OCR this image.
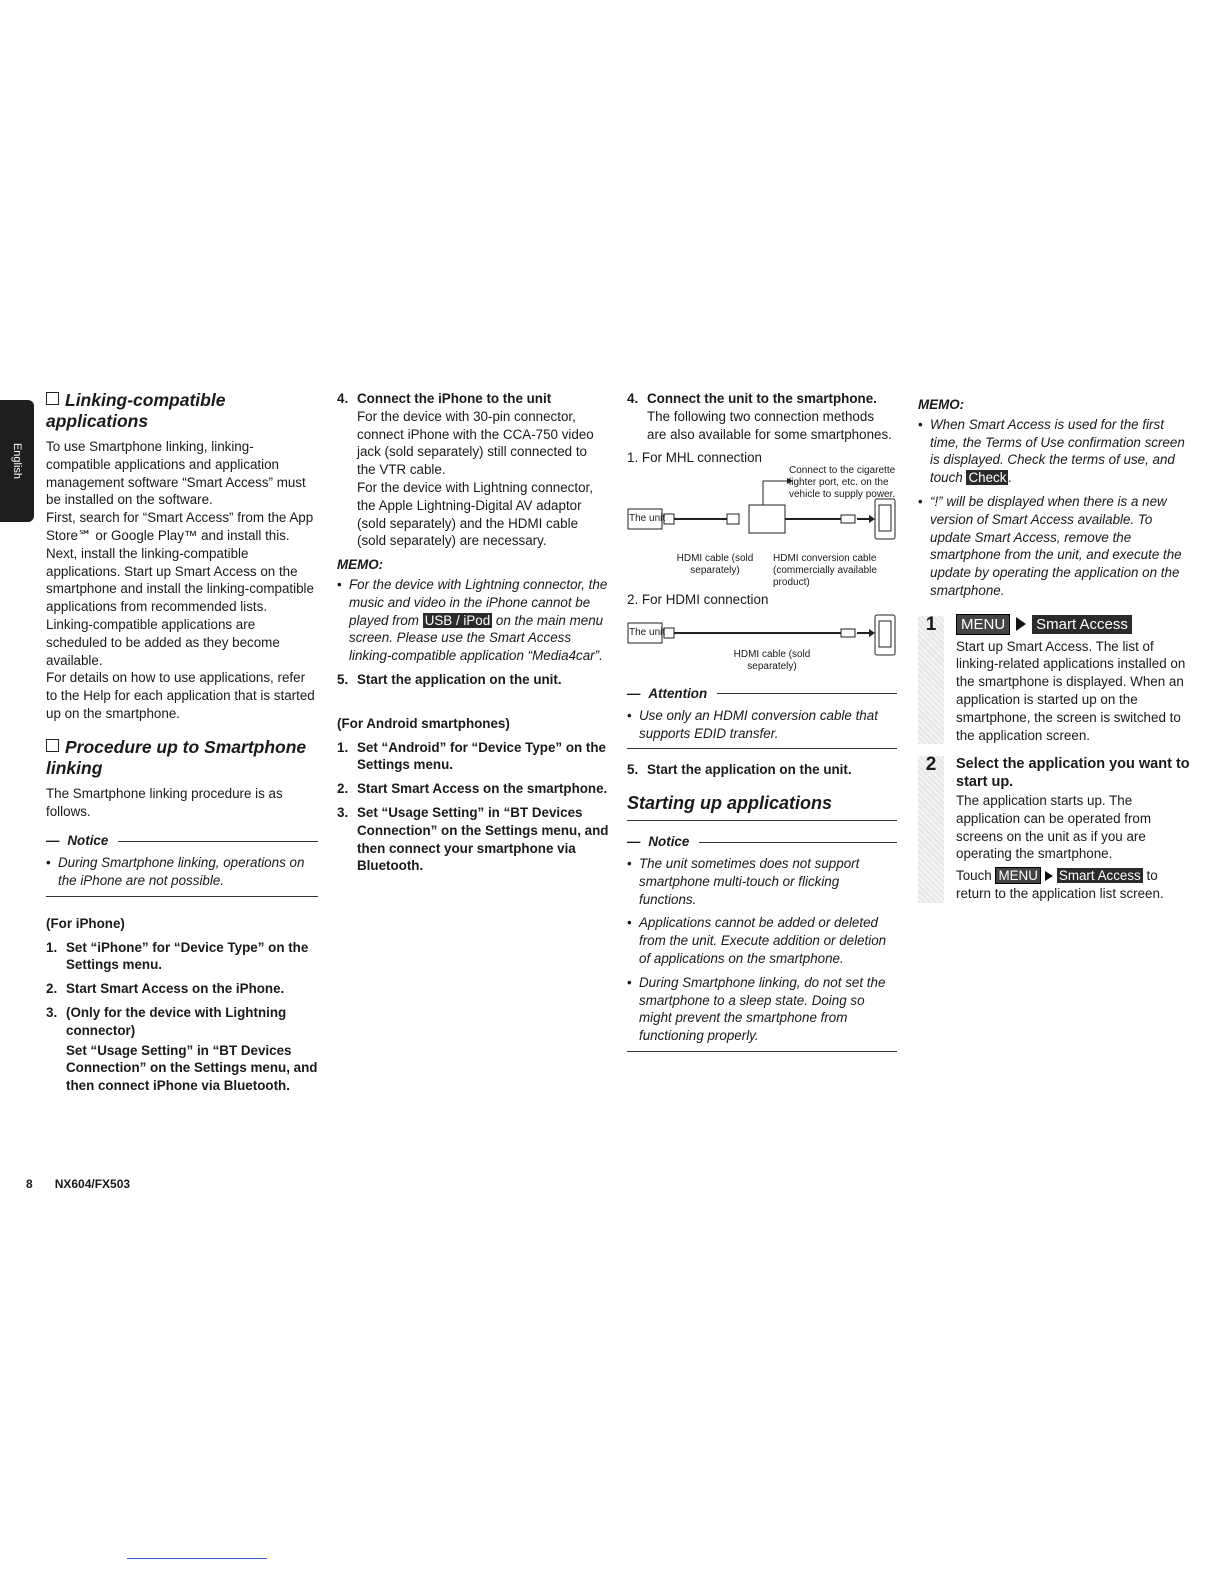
English
Linking-compatible applications

To use Smartphone linking, linking-compatible applications and application management software “Smart Access” must be installed on the software.

First, search for “Smart Access” from the App Store℠ or Google Play™ and install this.

Next, install the linking-compatible applications. Start up Smart Access on the smartphone and install the linking-compatible applications from recommended lists.

Linking-compatible applications are scheduled to be added as they become available.

For details on how to use applications, refer to the Help for each application that is started up on the smartphone.

Procedure up to Smartphone linking

The Smartphone linking procedure is as follows.

— Notice
• During Smartphone linking, operations on the iPhone are not possible.

(For iPhone)

1. Set “iPhone” for “Device Type” on the Settings menu.
2. Start Smart Access on the iPhone.
3. (Only for the device with Lightning connector)

Set “Usage Setting” in “BT Devices Connection” on the Settings menu, and then connect iPhone via Bluetooth.

4. Connect the iPhone to the unit

For the device with 30-pin connector, connect iPhone with the CCA-750 video jack (sold separately) still connected to the VTR cable.

For the device with Lightning connector, the Apple Lightning-Digital AV adaptor (sold separately) and the HDMI cable (sold separately) are necessary.

MEMO:

• For the device with Lightning connector, the music and video in the iPhone cannot be played from USB / iPod on the main menu screen. Please use the Smart Access linking-compatible application “Media4car”.
5. Start the application on the unit.

(For Android smartphones)

1. Set “Android” for “Device Type” on the Settings menu.
2. Start Smart Access on the smartphone.
3. Set “Usage Setting” in “BT Devices Connection” on the Settings menu, and then connect your smartphone via Bluetooth.
4. Connect the unit to the smartphone.

The following two connection methods are also available for some smartphones.

1. For MHL connection

The unit
Connect to the cigarette lighter port, etc. on the vehicle to supply power.
HDMI cable (sold separately)
HDMI conversion cable (commercially available product)

2. For HDMI connection

The unit
HDMI cable (sold separately)
— Attention
• Use only an HDMI conversion cable that supports EDID transfer.
5. Start the application on the unit.
Starting up applications
— Notice
• The unit sometimes does not support smartphone multi-touch or flicking functions.
• Applications cannot be added or deleted from the unit. Execute addition or deletion of applications on the smartphone.
• During Smartphone linking, do not set the smartphone to a sleep state. Doing so might prevent the smartphone from functioning properly.

MEMO:

• When Smart Access is used for the first time, the Terms of Use confirmation screen is displayed. Check the terms of use, and touch Check .
• “!” will be displayed when there is a new version of Smart Access available. To update Smart Access, remove the smartphone from the unit, and execute the update by operating the application on the smartphone.
1	MENU Smart Access

Start up Smart Access. The list of linking-related applications installed on the smartphone is displayed. When an application is started up on the smartphone, the screen is switched to the application screen.

2	Select the application you want to start up.

The application starts up. The application can be operated from screens on the unit as if you are operating the smartphone.

Touch MENU Smart Access to return to the application list screen.

8 NX604/FX503
